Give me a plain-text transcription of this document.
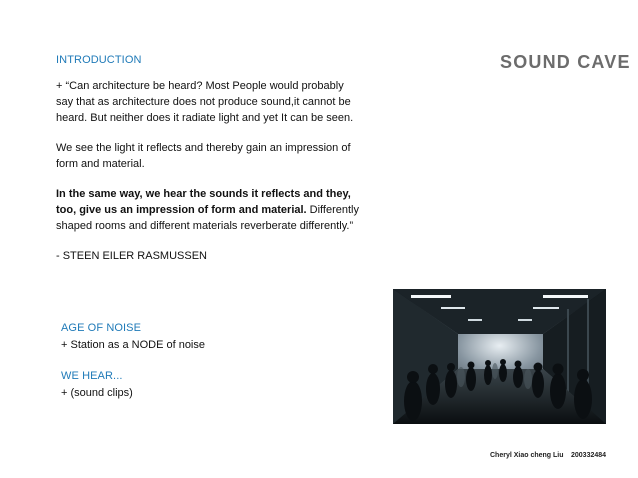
INTRODUCTION

+ “Can architecture be heard? Most People would probably

say that as architecture does not produce sound,it cannot be

heard. But neither does it radiate light and yet It can be seen.

We see the light it reflects and thereby gain an impression of

form and material.

In the same way, we hear the sounds it reflects and they,

too, give us an impression of form and material. Differently

shaped rooms and different materials reverberate differently.”

- STEEN EILER RASMUSSEN

SOUND CAVE
AGE OF NOISE
+ Station as a NODE of noise
WE HEAR...
+ (sound clips)
Cheryl Xiao cheng Liu 200332484
